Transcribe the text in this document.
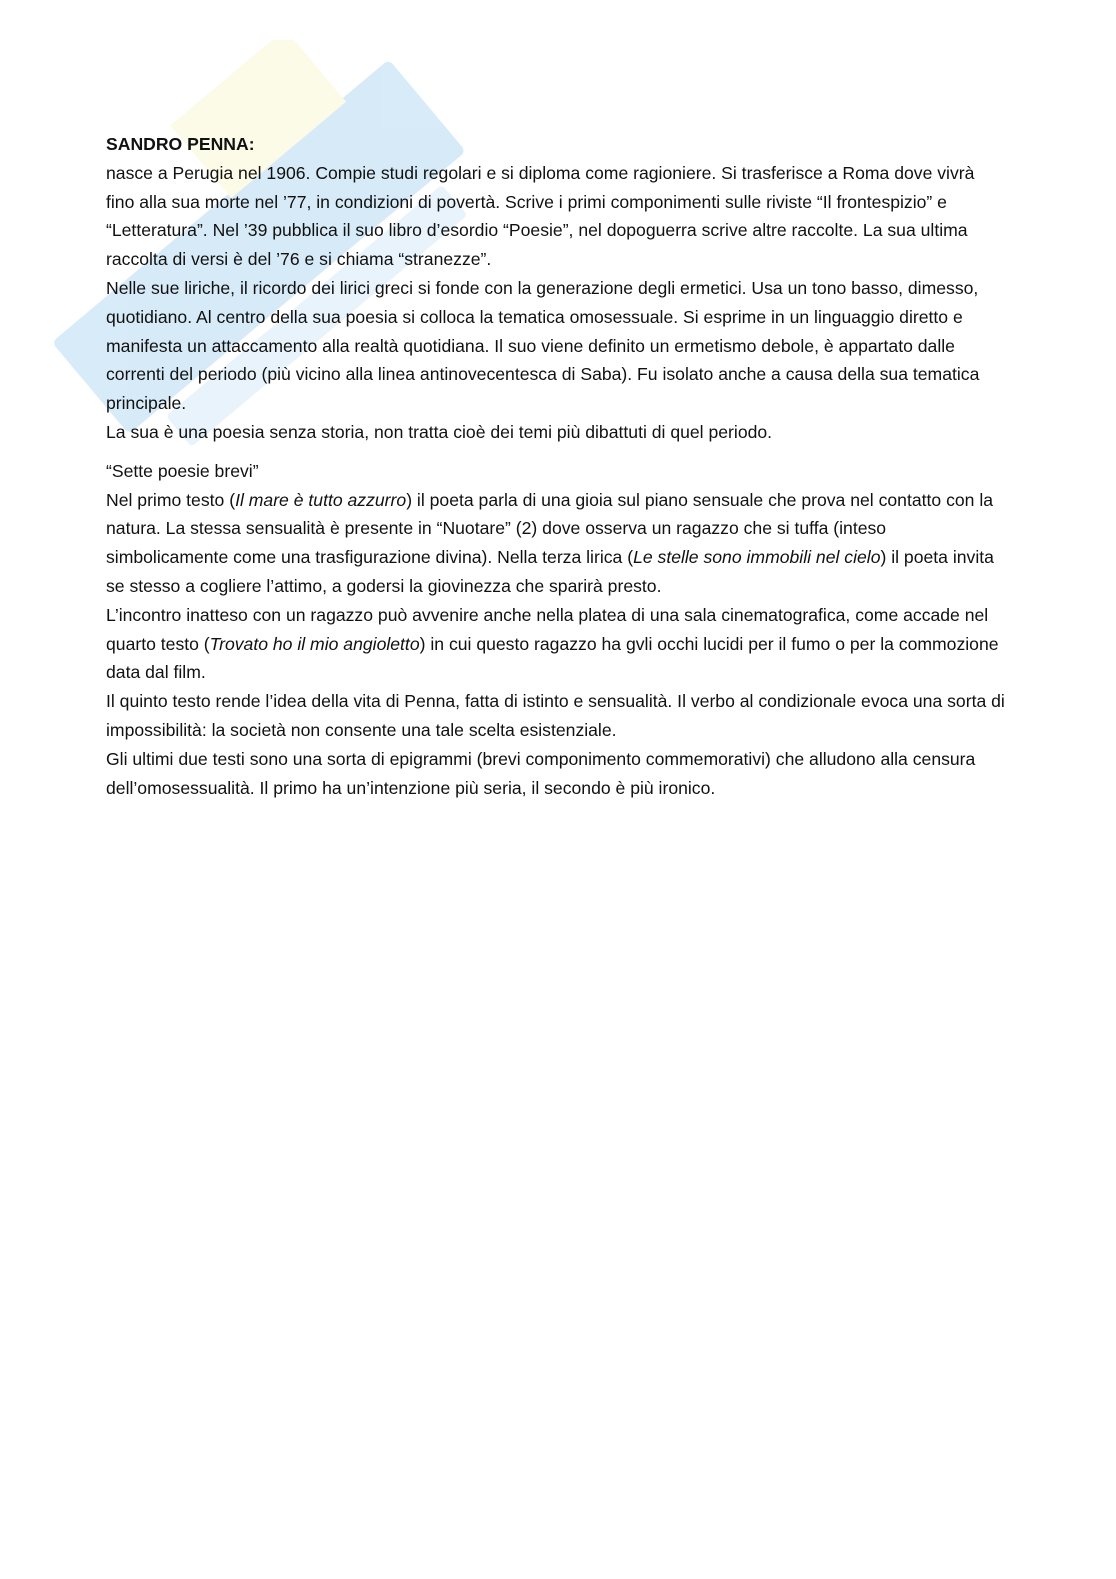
SANDRO PENNA:

nasce a Perugia nel 1906. Compie studi regolari e si diploma come ragioniere. Si trasferisce a Roma dove vivrà fino alla sua morte nel ’77, in condizioni di povertà. Scrive i primi componimenti sulle riviste “Il frontespizio” e “Letteratura”. Nel ’39 pubblica il suo libro d’esordio “Poesie”, nel dopoguerra scrive altre raccolte. La sua ultima raccolta di versi è del ’76 e si chiama “stranezze”.

Nelle sue liriche, il ricordo dei lirici greci si fonde con la generazione degli ermetici. Usa un tono basso, dimesso, quotidiano. Al centro della sua poesia si colloca la tematica omosessuale. Si esprime in un linguaggio diretto e manifesta un attaccamento alla realtà quotidiana. Il suo viene definito un ermetismo debole, è appartato dalle correnti del periodo (più vicino alla linea antinovecentesca di Saba). Fu isolato anche a causa della sua tematica principale.

La sua è una poesia senza storia, non tratta cioè dei temi più dibattuti di quel periodo.

“Sette poesie brevi”

Nel primo testo (Il mare è tutto azzurro) il poeta parla di una gioia sul piano sensuale che prova nel contatto con la natura. La stessa sensualità è presente in “Nuotare” (2) dove osserva un ragazzo che si tuffa (inteso simbolicamente come una trasfigurazione divina). Nella terza lirica (Le stelle sono immobili nel cielo) il poeta invita se stesso a cogliere l’attimo, a godersi la giovinezza che sparirà presto.

L’incontro inatteso con un ragazzo può avvenire anche nella platea di una sala cinematografica, come accade nel quarto testo (Trovato ho il mio angioletto) in cui questo ragazzo ha gvli occhi lucidi per il fumo o per la commozione data dal film.

Il quinto testo rende l’idea della vita di Penna, fatta di istinto e sensualità. Il verbo al condizionale evoca una sorta di impossibilità: la società non consente una tale scelta esistenziale.

Gli ultimi due testi sono una sorta di epigrammi (brevi componimento commemorativi) che alludono alla censura dell’omosessualità. Il primo ha un’intenzione più seria, il secondo è più ironico.
